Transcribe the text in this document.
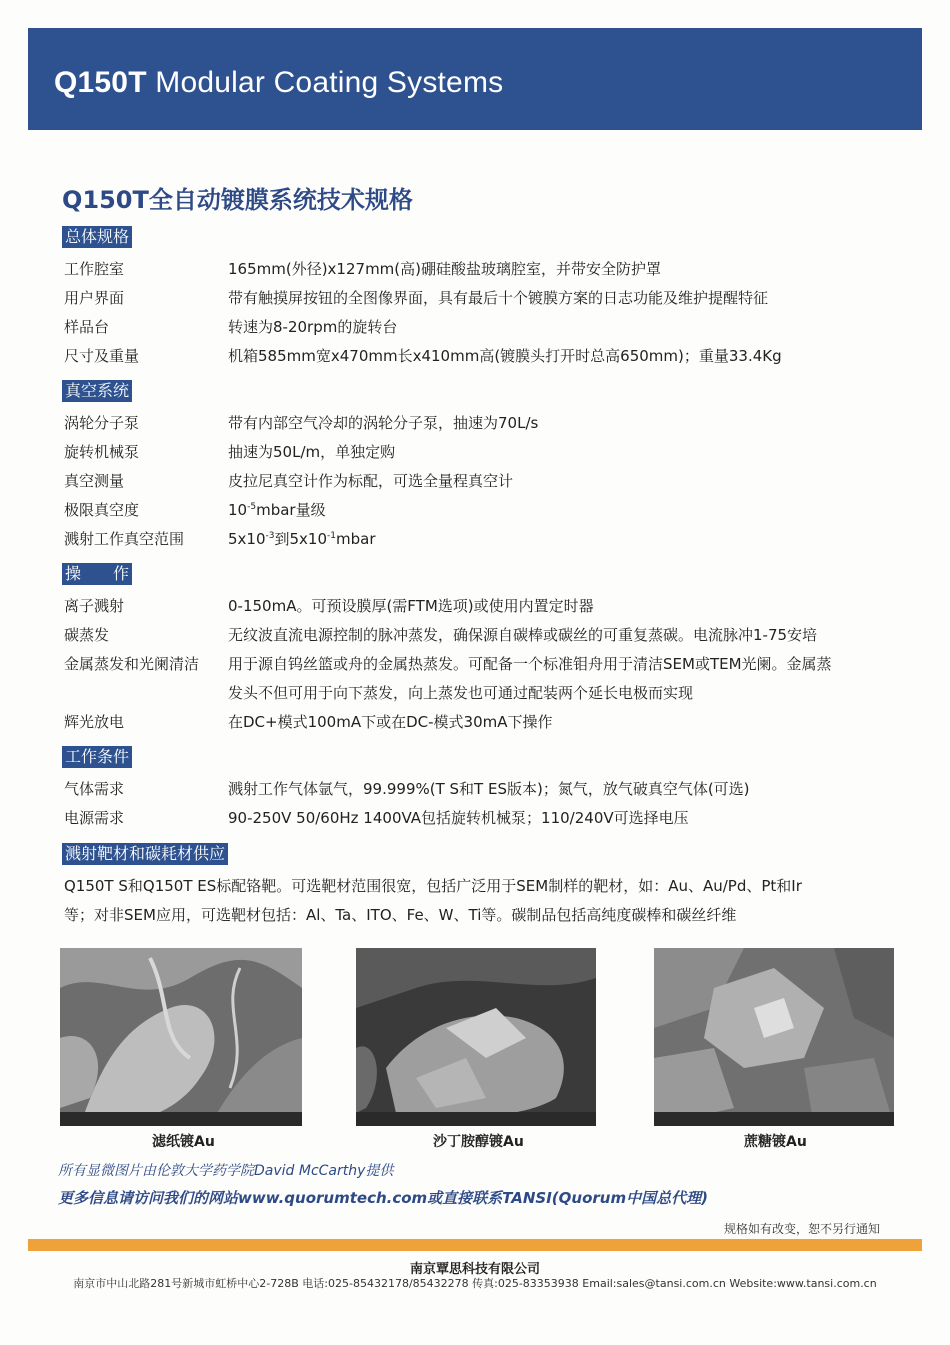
Q150T Modular Coating Systems
Q150T全自动镀膜系统技术规格
总体规格
工作腔室	165mm(外径)x127mm(高)硼硅酸盐玻璃腔室，并带安全防护罩
用户界面	带有触摸屏按钮的全图像界面，具有最后十个镀膜方案的日志功能及维护提醒特征
样品台	转速为8-20rpm的旋转台
尺寸及重量	机箱585mm宽x470mm长x410mm高(镀膜头打开时总高650mm)；重量33.4Kg
真空系统
涡轮分子泵	带有内部空气冷却的涡轮分子泵，抽速为70L/s
旋转机械泵	抽速为50L/m，单独定购
真空测量	皮拉尼真空计作为标配，可选全量程真空计
极限真空度	$10^{-5}mbar$量级
溅射工作真空范围	$5x10^{-3}$到$5x10^{-1}mbar$
操　　作
离子溅射	0-150mA。可预设膜厚(需FTM选项)或使用内置定时器
碳蒸发	无纹波直流电源控制的脉冲蒸发，确保源自碳棒或碳丝的可重复蒸碳。电流脉冲1-75安培
金属蒸发和光阑清洁 用于源自钨丝篮或舟的金属热蒸发。可配备一个标准钼舟用于清洁SEM或TEM光阑。金属蒸
发头不但可用于向下蒸发，向上蒸发也可通过配装两个延长电极而实现
辉光放电	在DC+模式100mA下或在DC-模式30mA下操作
工作条件
气体需求	溅射工作气体氩气，99.999%(T S和T ES版本)；氮气，放气破真空气体(可选)
电源需求	90-250V 50/60Hz 1400VA包括旋转机械泵；110/240V可选择电压
溅射靶材和碳耗材供应
Q150T S和Q150T ES标配铬靶。可选靶材范围很宽，包括广泛用于SEM制样的靶材，如：Au、Au/Pd、Pt和Ir
等；对非SEM应用，可选靶材包括：Al、Ta、ITO、Fe、W、Ti等。碳制品包括高纯度碳棒和碳丝纤维
滤纸镀Au	沙丁胺醇镀Au	蔗糖镀Au
所有显微图片由伦敦大学药学院David McCarthy提供
更多信息请访问我们的网站www.quorumtech.com或直接联系TANSI(Quorum中国总代理)
规格如有改变，恕不另行通知
南京覃思科技有限公司
南京市中山北路281号新城市虹桥中心2-728B 电话:025-85432178/85432278 传真:025-83353938 Email:sales@tansi.com.cn Website:www.tansi.com.cn
